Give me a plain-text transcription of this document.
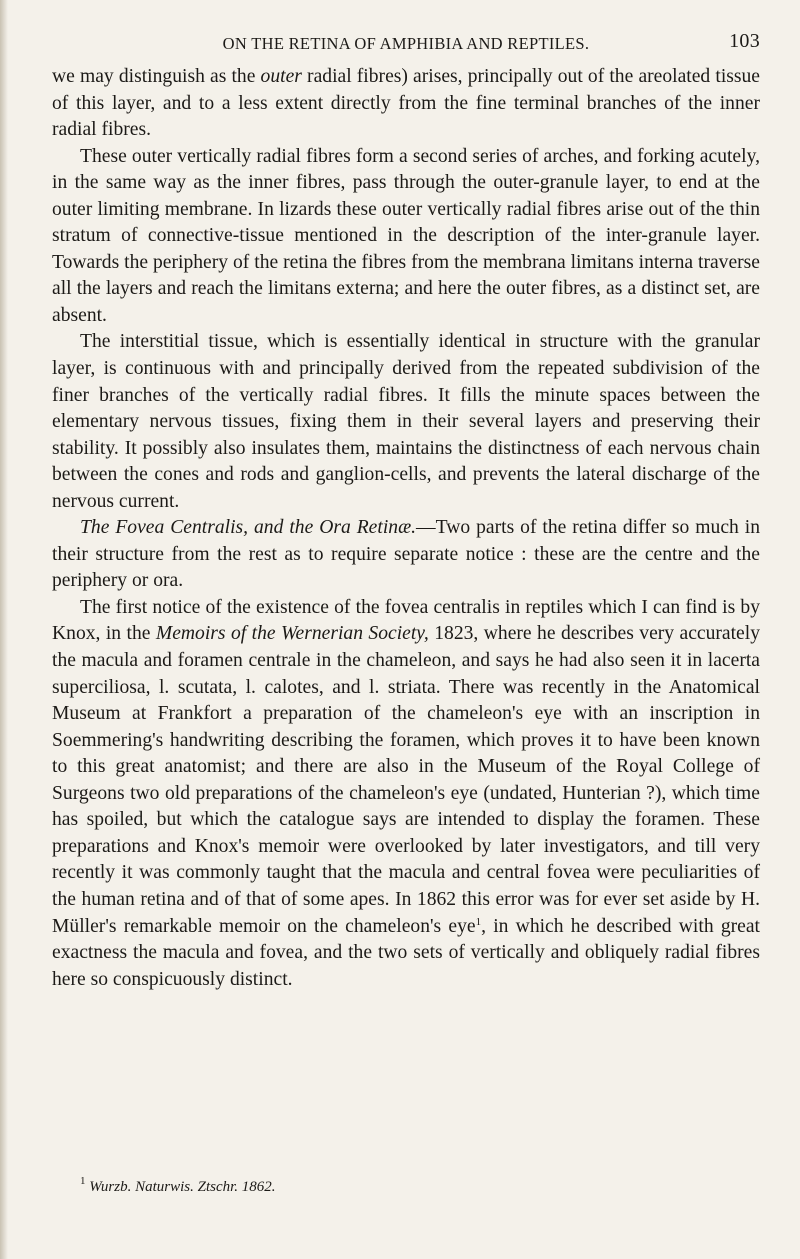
ON THE RETINA OF AMPHIBIA AND REPTILES.	103

we may distinguish as the outer radial fibres) arises, principally out of the areolated tissue of this layer, and to a less extent directly from the fine terminal branches of the inner radial fibres.

These outer vertically radial fibres form a second series of arches, and forking acutely, in the same way as the inner fibres, pass through the outer-granule layer, to end at the outer limiting membrane. In lizards these outer vertically radial fibres arise out of the thin stratum of connective-tissue mentioned in the description of the inter-granule layer. Towards the periphery of the retina the fibres from the membrana limitans interna traverse all the layers and reach the limitans externa; and here the outer fibres, as a distinct set, are absent.

The interstitial tissue, which is essentially identical in structure with the granular layer, is continuous with and principally derived from the repeated subdivision of the finer branches of the vertically radial fibres. It fills the minute spaces between the elementary nervous tissues, fixing them in their several layers and preserving their stability. It possibly also insulates them, maintains the distinctness of each nervous chain between the cones and rods and ganglion-cells, and prevents the lateral discharge of the nervous current.

The Fovea Centralis, and the Ora Retinæ.—Two parts of the retina differ so much in their structure from the rest as to require separate notice : these are the centre and the periphery or ora.

The first notice of the existence of the fovea centralis in reptiles which I can find is by Knox, in the Memoirs of the Wernerian Society, 1823, where he describes very accurately the macula and foramen centrale in the chameleon, and says he had also seen it in lacerta superciliosa, l. scutata, l. calotes, and l. striata. There was recently in the Anatomical Museum at Frankfort a preparation of the chameleon's eye with an inscription in Soemmering's handwriting describing the foramen, which proves it to have been known to this great anatomist; and there are also in the Museum of the Royal College of Surgeons two old preparations of the chameleon's eye (undated, Hunterian ?), which time has spoiled, but which the catalogue says are intended to display the foramen. These preparations and Knox's memoir were overlooked by later investigators, and till very recently it was commonly taught that the macula and central fovea were peculiarities of the human retina and of that of some apes. In 1862 this error was for ever set aside by H. Müller's remarkable memoir on the chameleon's eye$^1$, in which he described with great exactness the macula and fovea, and the two sets of vertically and obliquely radial fibres here so conspicuously distinct.

$^1$ Wurzb. Naturwis. Ztschr. 1862.
